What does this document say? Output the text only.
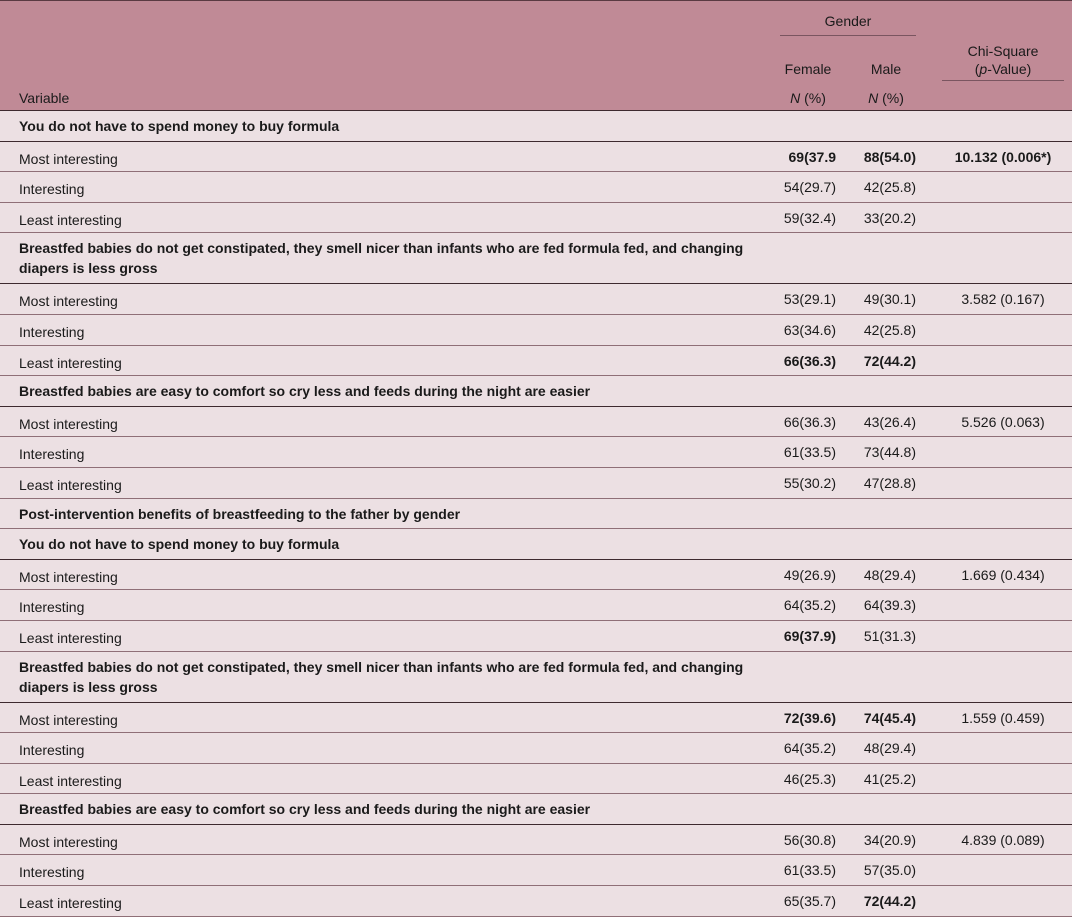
Gender
Female	Male
Chi-Square
(p-Value)
Variable	N (%)	N (%)
You do not have to spend money to buy formula
Most interesting	69(37.9	88(54.0)	10.132 (0.006*)
Interesting	54(29.7)	42(25.8)
Least interesting	59(32.4)	33(20.2)
Breastfed babies do not get constipated, they smell nicer than infants who are fed formula fed, and changing diapers is less gross
Most interesting	53(29.1)	49(30.1)	3.582 (0.167)
Interesting	63(34.6)	42(25.8)
Least interesting	66(36.3)	72(44.2)
Breastfed babies are easy to comfort so cry less and feeds during the night are easier
Most interesting	66(36.3)	43(26.4)	5.526 (0.063)
Interesting	61(33.5)	73(44.8)
Least interesting	55(30.2)	47(28.8)
Post-intervention benefits of breastfeeding to the father by gender
You do not have to spend money to buy formula
Most interesting	49(26.9)	48(29.4)	1.669 (0.434)
Interesting	64(35.2)	64(39.3)
Least interesting	69(37.9)	51(31.3)
Breastfed babies do not get constipated, they smell nicer than infants who are fed formula fed, and changing diapers is less gross
Most interesting	72(39.6)	74(45.4)	1.559 (0.459)
Interesting	64(35.2)	48(29.4)
Least interesting	46(25.3)	41(25.2)
Breastfed babies are easy to comfort so cry less and feeds during the night are easier
Most interesting	56(30.8)	34(20.9)	4.839 (0.089)
Interesting	61(33.5)	57(35.0)
Least interesting	65(35.7)	72(44.2)
